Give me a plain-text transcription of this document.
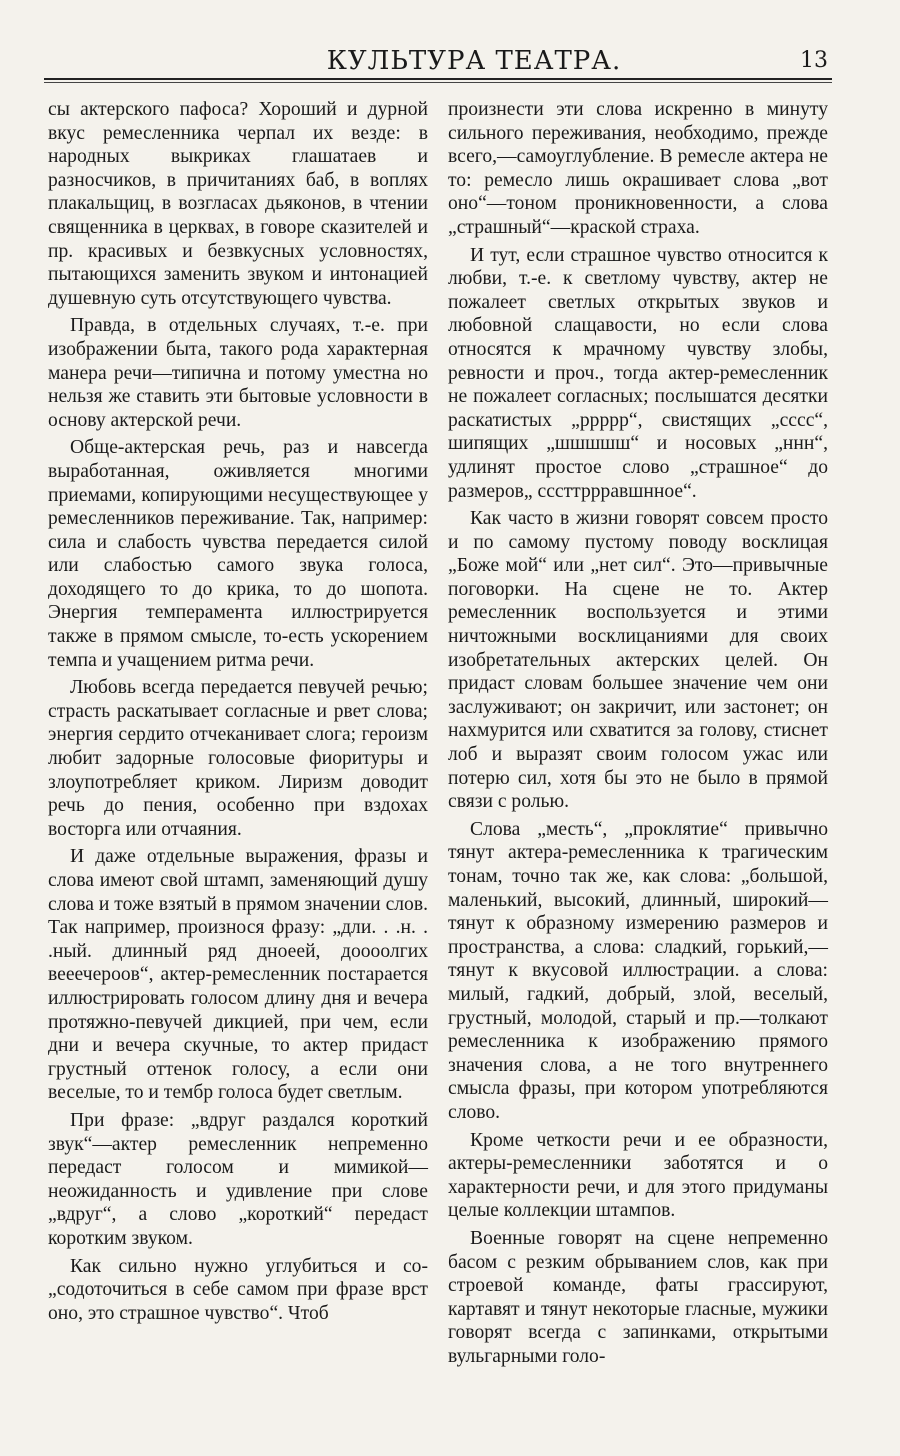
КУЛЬТУРА ТЕАТРА.	13

сы актерского пафоса? Хороший и дурной вкус ремесленника черпал их везде: в народных выкриках глашатаев и разносчиков, в причитаниях баб, в воплях плакальщиц, в возгласах дьяконов, в чтении священника в церквах, в говоре сказителей и пр. красивых и безвкусных условностях, пытающихся заменить звуком и интонацией душевную суть отсутствующего чувства.

Правда, в отдельных случаях, т.-е. при изображении быта, такого рода характерная манера речи—типична и потому уместна но нельзя же ставить эти бытовые условности в основу актерской речи.

Обще-актерская речь, раз и навсегда выработанная, оживляется многими приемами, копирующими несуществующее у ремесленников переживание. Так, например: сила и слабость чувства передается силой или слабостью самого звука голоса, доходящего то до крика, то до шопота. Энергия темперамента иллюстрируется также в прямом смысле, то-есть ускорением темпа и учащением ритма речи.

Любовь всегда передается певучей речью; страсть раскатывает согласные и рвет слова; энергия сердито отчеканивает слога; героизм любит задорные голосовые фиоритуры и злоупотребляет криком. Лиризм доводит речь до пения, особенно при вздохах восторга или отчаяния.

И даже отдельные выражения, фразы и слова имеют свой штамп, заменяющий душу слова и тоже взятый в прямом значении слов. Так например, произнося фразу: „дли. . .н. . .ный. длинный ряд дноеей, доооолгих вееечероов“, актер-ремесленник постарается иллюстрировать голосом длину дня и вечера протяжно-певучей дикцией, при чем, если дни и вечера скучные, то актер придаст грустный оттенок голосу, а если они веселые, то и тембр голоса будет светлым.

При фразе: „вдруг раздался короткий звук“—актер ремесленник непременно передаст голосом и мимикой—неожиданность и удивление при слове „вдруг“, а слово „короткий“ передаст коротким звуком.

Как сильно нужно углубиться и со-„содоточиться в себе самом при фразе врст оно, это страшное чувство“. Чтоб

произнести эти слова искренно в минуту сильного переживания, необходимо, прежде всего,—самоуглубление. В ремесле актера не то: ремесло лишь окрашивает слова „вот оно“—тоном проникновенности, а слова „страшный“—краской страха.

И тут, если страшное чувство относится к любви, т.-е. к светлому чувству, актер не пожалеет светлых открытых звуков и любовной слащавости, но если слова относятся к мрачному чувству злобы, ревности и проч., тогда актер-ремесленник не пожалеет согласных; послышатся десятки раскатистых „ррррр“, свистящих „сссс“, шипящих „шшшшш“ и носовых „ннн“, удлинят простое слово „страшное“ до размеров„ сссттррравшнное“.

Как часто в жизни говорят совсем просто и по самому пустому поводу восклицая „Боже мой“ или „нет сил“. Это—привычные поговорки. На сцене не то. Актер ремесленник воспользуется и этими ничтожными восклицаниями для своих изобретательных актерских целей. Он придаст словам большее значение чем они заслуживают; он закричит, или застонет; он нахмурится или схватится за голову, стиснет лоб и выразят своим голосом ужас или потерю сил, хотя бы это не было в прямой связи с ролью.

Слова „месть“, „проклятие“ привычно тянут актера-ремесленника к трагическим тонам, точно так же, как слова: „большой, маленький, высокий, длинный, широкий—тянут к образному измерению размеров и пространства, а слова: сладкий, горький,—тянут к вкусовой иллюстрации. а слова: милый, гадкий, добрый, злой, веселый, грустный, молодой, старый и пр.—толкают ремесленника к изображению прямого значения слова, а не того внутреннего смысла фразы, при котором употребляются слово.

Кроме четкости речи и ее образности, актеры-ремесленники заботятся и о характерности речи, и для этого придуманы целые коллекции штампов.

Военные говорят на сцене непременно басом с резким обрыванием слов, как при строевой команде, фаты грассируют, картавят и тянут некоторые гласные, мужики говорят всегда с запинками, открытыми вульгарными голо-
